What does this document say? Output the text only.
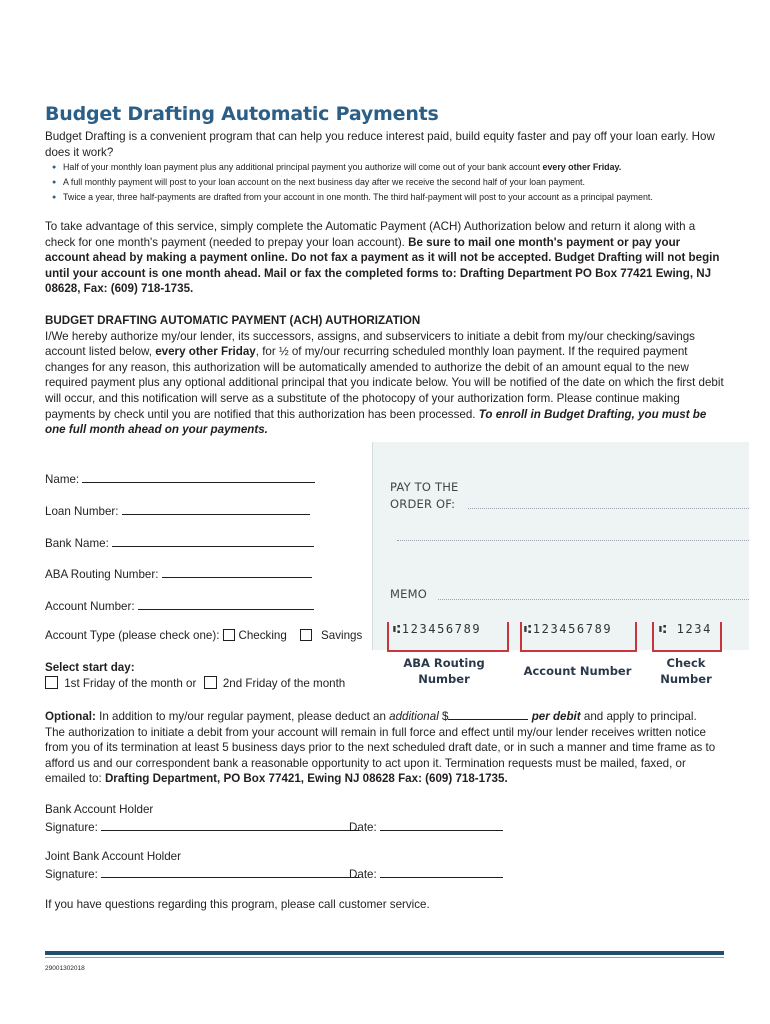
Budget Drafting Automatic Payments
Budget Drafting is a convenient program that can help you reduce interest paid, build equity faster and pay off your loan early. How does it work?
● Half of your monthly loan payment plus any additional principal payment you authorize will come out of your bank account every other Friday.
● A full monthly payment will post to your loan account on the next business day after we receive the second half of your loan payment.
● Twice a year, three half-payments are drafted from your account in one month. The third half-payment will post to your account as a principal payment.
To take advantage of this service, simply complete the Automatic Payment (ACH) Authorization below and return it along with a check for one month's payment (needed to prepay your loan account). Be sure to mail one month's payment or pay your account ahead by making a payment online. Do not fax a payment as it will not be accepted. Budget Drafting will not begin until your account is one month ahead. Mail or fax the completed forms to: Drafting Department PO Box 77421 Ewing, NJ 08628, Fax: (609) 718-1735.
BUDGET DRAFTING AUTOMATIC PAYMENT (ACH) AUTHORIZATION
I/We hereby authorize my/our lender, its successors, assigns, and subservicers to initiate a debit from my/our checking/savings account listed below, every other Friday, for ½ of my/our recurring scheduled monthly loan payment. If the required payment changes for any reason, this authorization will be automatically amended to authorize the debit of an amount equal to the new required payment plus any optional additional principal that you indicate below. You will be notified of the date on which the first debit will occur, and this notification will serve as a substitute of the photocopy of your authorization form. Please continue making payments by check until you are notified that this authorization has been processed. To enroll in Budget Drafting, you must be one full month ahead on your payments.
Name:
Loan Number:
Bank Name:
ABA Routing Number:
Account Number:
Account Type (please check one): Checking	Savings
Select start day:
1st Friday of the month or 2nd Friday of the month
PAY TO THE
ORDER OF:
MEMO
⑆123456789	⑆123456789	⑆ 1234
ABA Routing
Number
Account Number
Check
Number
Optional: In addition to my/our regular payment, please deduct an additional $	per debit and apply to principal.
The authorization to initiate a debit from your account will remain in full force and effect until my/our lender receives written notice from you of its termination at least 5 business days prior to the next scheduled draft date, or in such a manner and time frame as to afford us and our correspondent bank a reasonable opportunity to act upon it. Termination requests must be mailed, faxed, or emailed to: Drafting Department, PO Box 77421, Ewing NJ 08628 Fax: (609) 718-1735.
Bank Account Holder
Signature:	Date:
Joint Bank Account Holder
Signature:	Date:
If you have questions regarding this program, please call customer service.
29001302018
